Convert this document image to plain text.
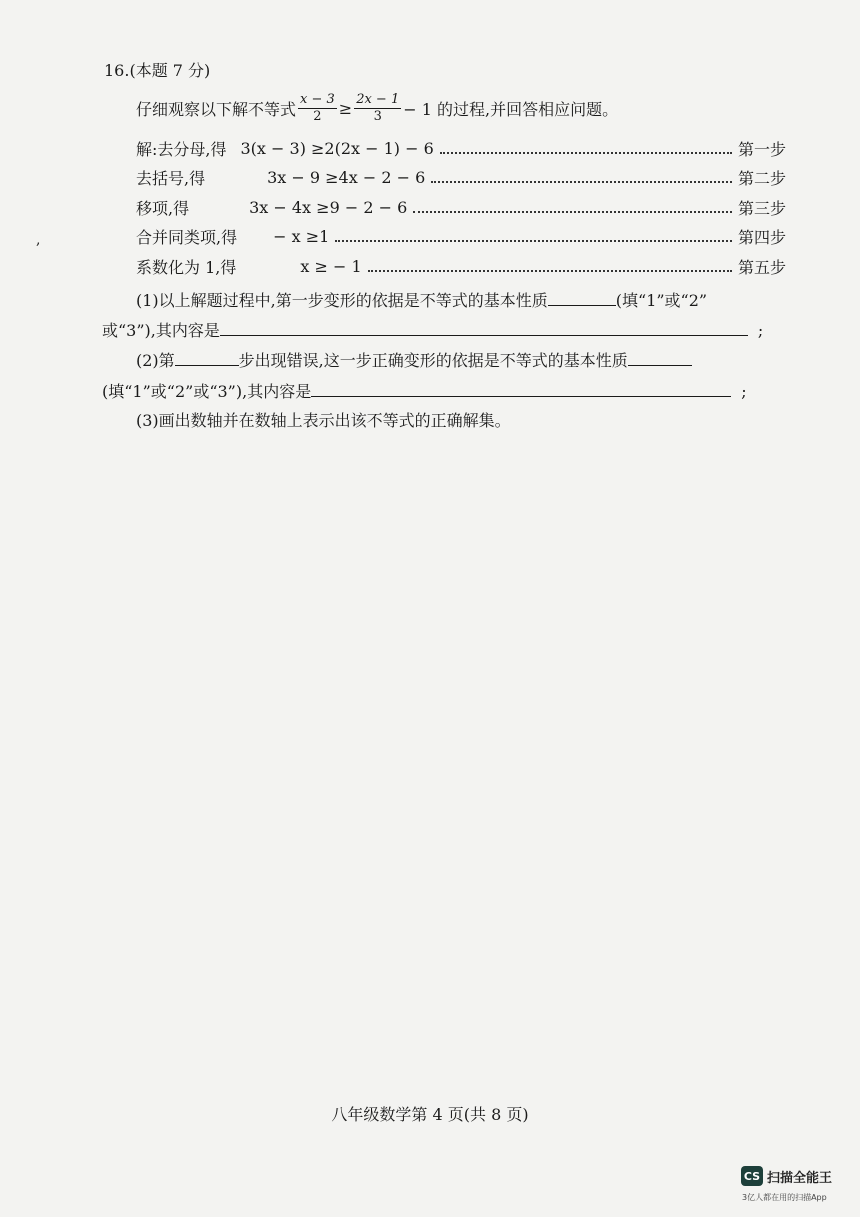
,
16.(本题 7 分)
仔细观察以下解不等式 $\frac{x - 3}{2} \ge \frac{2x - 1}{3} - 1$ 的过程,并回答相应问题。
解:去分母,得 3(x − 3) ≥2(2x − 1) − 6	第一步
去括号,得	3x − 9 ≥4x − 2 − 6	第二步
移项,得	3x − 4x ≥9 − 2 − 6	第三步
合并同类项,得 − x ≥1	第四步
系数化为 1,得	x ≥ − 1	第五步
(1)以上解题过程中,第一步变形的依据是不等式的基本性质	(填“1”或“2”
或“3”),其内容是	;
(2)第	步出现错误,这一步正确变形的依据是不等式的基本性质
(填“1”或“2”或“3”),其内容是	;
(3)画出数轴并在数轴上表示出该不等式的正确解集。
八年级数学第 4 页(共 8 页)
CS 扫描全能王
3亿人都在用的扫描App
